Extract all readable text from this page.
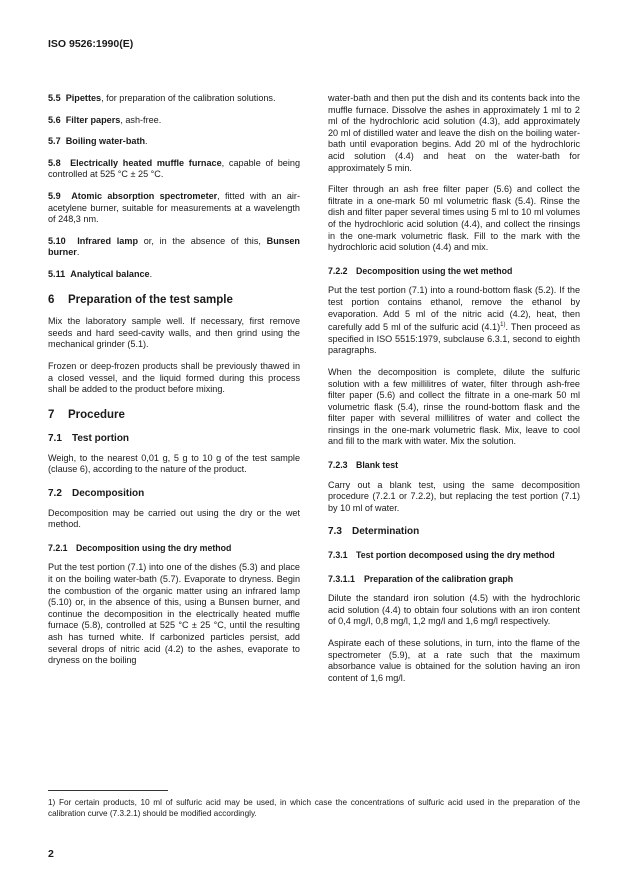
ISO 9526:1990(E)

5.5 Pipettes, for preparation of the calibration solutions.

5.6 Filter papers, ash-free.

5.7 Boiling water-bath.

5.8 Electrically heated muffle furnace, capable of being controlled at 525 °C ± 25 °C.

5.9 Atomic absorption spectrometer, fitted with an air-acetylene burner, suitable for measurements at a wavelength of 248,3 nm.

5.10 Infrared lamp or, in the absence of this, Bunsen burner.

5.11 Analytical balance.

6 Preparation of the test sample

Mix the laboratory sample well. If necessary, first remove seeds and hard seed-cavity walls, and then grind using the mechanical grinder (5.1).

Frozen or deep-frozen products shall be previously thawed in a closed vessel, and the liquid formed during this process shall be added to the product before mixing.

7 Procedure
7.1 Test portion

Weigh, to the nearest 0,01 g, 5 g to 10 g of the test sample (clause 6), according to the nature of the product.

7.2 Decomposition

Decomposition may be carried out using the dry or the wet method.

7.2.1 Decomposition using the dry method

Put the test portion (7.1) into one of the dishes (5.3) and place it on the boiling water-bath (5.7). Evaporate to dryness. Begin the combustion of the organic matter using an infrared lamp (5.10) or, in the absence of this, using a Bunsen burner, and continue the decomposition in the electrically heated muffle furnace (5.8), controlled at 525 °C ± 25 °C, until the resulting ash has turned white. If carbonized particles persist, add several drops of nitric acid (4.2) to the ashes, evaporate to dryness on the boiling

water-bath and then put the dish and its contents back into the muffle furnace. Dissolve the ashes in approximately 1 ml to 2 ml of the hydrochloric acid solution (4.3), add approximately 20 ml of distilled water and leave the dish on the boiling water-bath until evaporation begins. Add 20 ml of the hydrochloric acid solution (4.4) and heat on the water-bath for approximately 5 min.

Filter through an ash free filter paper (5.6) and collect the filtrate in a one-mark 50 ml volumetric flask (5.4). Rinse the dish and filter paper several times using 5 ml to 10 ml volumes of the hydrochloric acid solution (4.4), and collect the rinsings in the one-mark volumetric flask. Fill to the mark with the hydrochloric acid solution (4.4) and mix.

7.2.2 Decomposition using the wet method

Put the test portion (7.1) into a round-bottom flask (5.2). If the test portion contains ethanol, remove the ethanol by evaporation. Add 5 ml of the nitric acid (4.2), heat, then carefully add 5 ml of the sulfuric acid $(4.1)^{1)}$. Then proceed as specified in ISO 5515:1979, subclause 6.3.1, second to eighth paragraphs.

When the decomposition is complete, dilute the sulfuric solution with a few millilitres of water, filter through ash-free filter paper (5.6) and collect the filtrate in a one-mark 50 ml volumetric flask (5.4), rinse the round-bottom flask and the filter paper with several millilitres of water and collect the rinsings in the one-mark volumetric flask. Mix, leave to cool and fill to the mark with water. Mix the solution.

7.2.3 Blank test

Carry out a blank test, using the same decomposition procedure (7.2.1 or 7.2.2), but replacing the test portion (7.1) by 10 ml of water.

7.3 Determination
7.3.1 Test portion decomposed using the dry method
7.3.1.1 Preparation of the calibration graph

Dilute the standard iron solution (4.5) with the hydrochloric acid solution (4.4) to obtain four solutions with an iron content of 0,4 mg/l, 0,8 mg/l, 1,2 mg/l and 1,6 mg/l respectively.

Aspirate each of these solutions, in turn, into the flame of the spectrometer (5.9), at a rate such that the maximum absorbance value is obtained for the solution having an iron content of 1,6 mg/l.

1) For certain products, 10 ml of sulfuric acid may be used, in which case the concentrations of sulfuric acid used in the preparation of the calibration curve (7.3.2.1) should be modified accordingly.
2
